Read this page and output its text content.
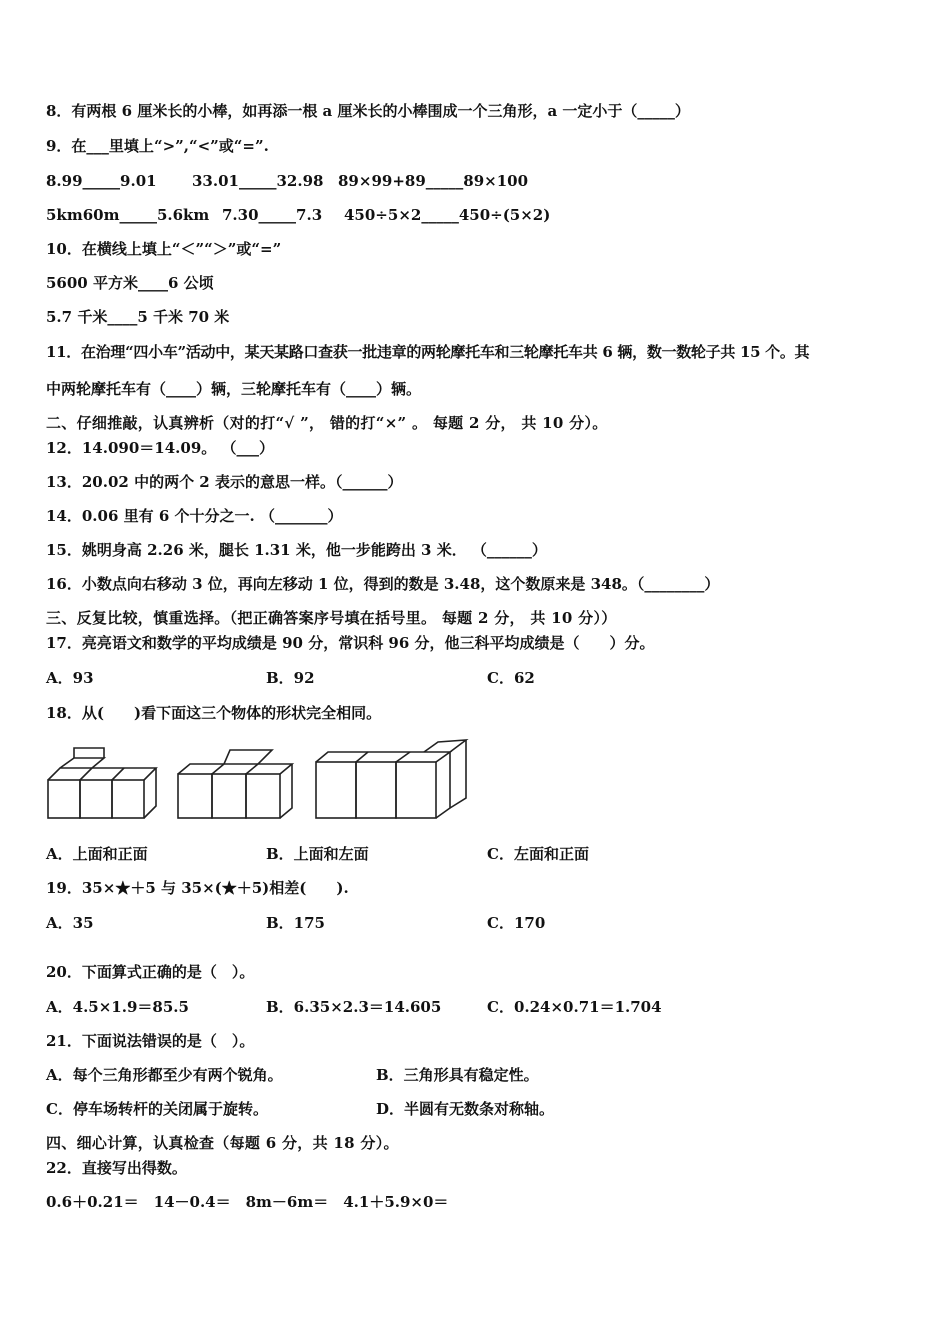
8．有两根 6 厘米长的小棒，如再添一根 a 厘米长的小棒围成一个三角形，a 一定小于（_____）
9．在___里填上“>”,“<”或“=”.
8.99_____9.01 33.01_____32.98 89×99+89_____89×100
5km60m_____5.6km 7.30_____7.3 450÷5×2_____450÷(5×2)
10．在横线上填上“＜”“＞”或“=”
5600 平方米____6 公顷
5.7 千米____5 千米 70 米
11．在治理“四小车”活动中，某天某路口查获一批违章的两轮摩托车和三轮摩托车共 6 辆，数一数轮子共 15 个。其
中两轮摩托车有（____）辆，三轮摩托车有（____）辆。
二、仔细推敲，认真辨析（对的打“√ ”， 错的打“×” 。 每题 2 分， 共 10 分）。
12．14.090＝14.09。 （___）
13．20.02 中的两个 2 表示的意思一样。（______）
14．0.06 里有 6 个十分之一. （_______）
15．姚明身高 2.26 米，腿长 1.31 米，他一步能跨出 3 米． （______）
16．小数点向右移动 3 位，再向左移动 1 位，得到的数是 3.48，这个数原来是 348。（________）
三、反复比较，慎重选择。（把正确答案序号填在括号里。 每题 2 分， 共 10 分））
17．亮亮语文和数学的平均成绩是 90 分，常识科 96 分，他三科平均成绩是（　　）分。
A．93	B．92	C．62
18．从(　　)看下面这三个物体的形状完全相同。
A．上面和正面	B．上面和左面	C．左面和正面
19．35×★＋5 与 35×(★＋5)相差(　　).
A．35	B．175	C．170
20．下面算式正确的是（　）。
A．4.5×1.9＝85.5	B．6.35×2.3＝14.605	C．0.24×0.71＝1.704
21．下面说法错误的是（　）。
A．每个三角形都至少有两个锐角。	B．三角形具有稳定性。
C．停车场转杆的关闭属于旋转。	D．半圆有无数条对称轴。
四、细心计算，认真检查（每题 6 分，共 18 分）。
22．直接写出得数。
0.6＋0.21＝　14－0.4＝　8m－6m＝　4.1＋5.9×0＝
